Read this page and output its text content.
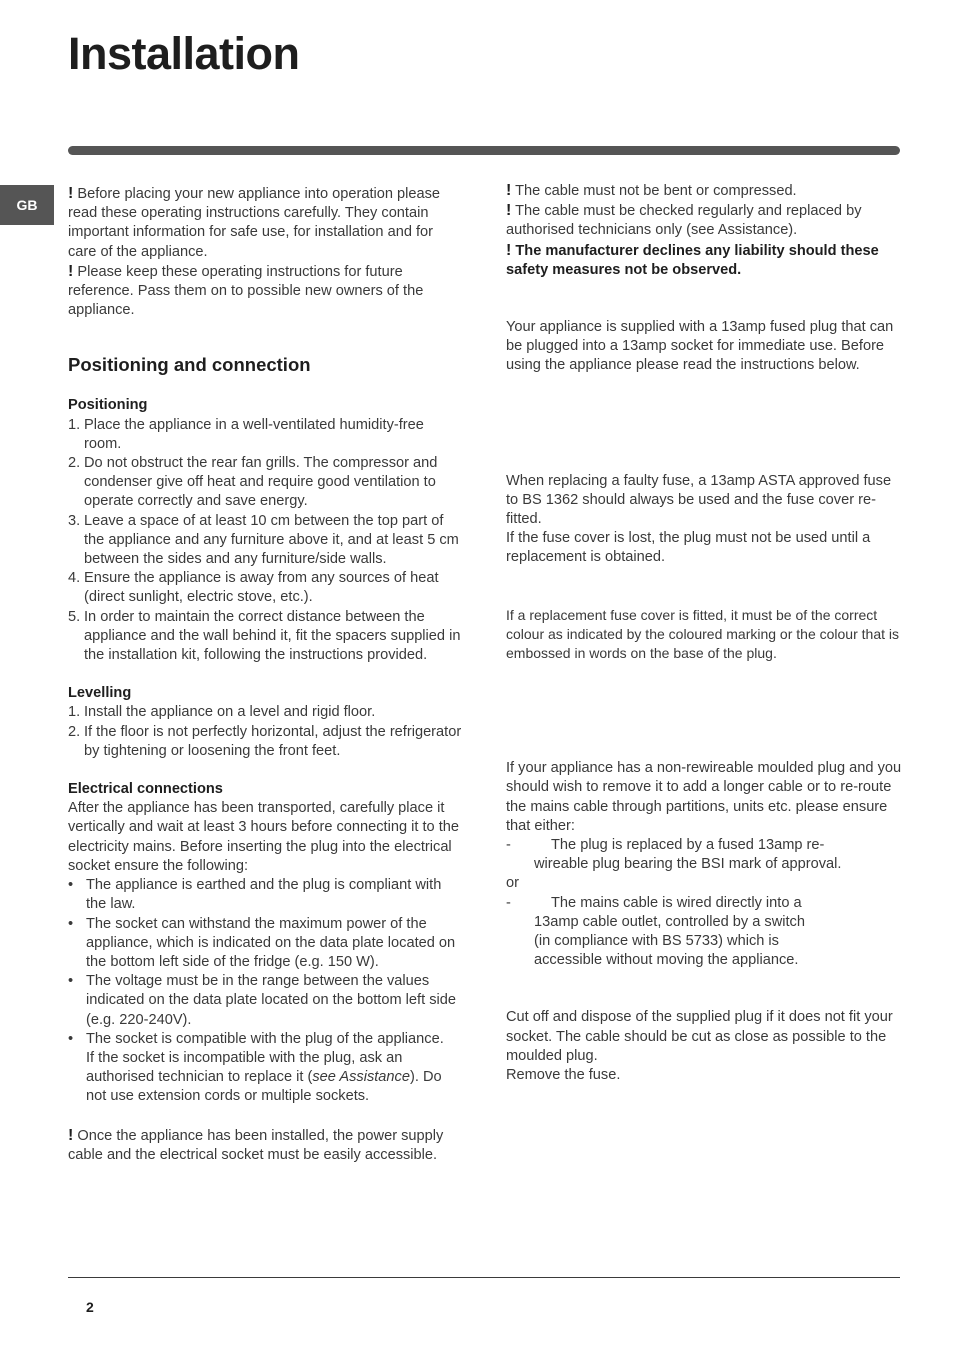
Installation
GB

! Before placing your new appliance into operation please read these operating instructions carefully. They contain important information for safe use, for installation and for care of the appliance.

! Please keep these operating instructions for future reference. Pass them on to possible new owners of the appliance.

Positioning and connection
Positioning
1. Place the appliance in a well-ventilated humidity-free room.
2. Do not obstruct the rear fan grills. The compressor and condenser give off heat and require good ventilation to operate correctly and save energy.
3. Leave a space of at least 10 cm between the top part of the appliance and any furniture above it, and at least 5 cm between the sides and any furniture/side walls.
4. Ensure the appliance is away from any sources of heat (direct sunlight, electric stove, etc.).
5. In order to maintain the correct distance between the appliance and the wall behind it, fit the spacers supplied in the installation kit, following the instructions provided.
Levelling
1. Install the appliance on a level and rigid floor.
2. If the floor is not perfectly horizontal, adjust the refrigerator by tightening or loosening the front feet.
Electrical connections

After the appliance has been transported, carefully place it vertically and wait at least 3 hours before connecting it to the electricity mains. Before inserting the plug into the electrical socket ensure the following:

• The appliance is earthed and the plug is compliant with the law.
• The socket can withstand the maximum power of the appliance, which is indicated on the data plate located on the bottom left side of the fridge (e.g. 150 W).
• The voltage must be in the range between the values indicated on the data plate located on the bottom left side (e.g. 220-240V).
• The socket is compatible with the plug of the appliance.
If the socket is incompatible with the plug, ask an authorised technician to replace it (see Assistance). Do not use extension cords or multiple sockets.

! Once the appliance has been installed, the power supply cable and the electrical socket must be easily accessible.

! The cable must not be bent or compressed.

! The cable must be checked regularly and replaced by authorised technicians only (see Assistance).

! The manufacturer declines any liability should these safety measures not be observed.

Your appliance is supplied with a 13amp fused plug that can be plugged into a 13amp socket for immediate use. Before using the appliance please read the instructions below.

When replacing a faulty fuse, a 13amp ASTA approved fuse to BS 1362 should always be used and the fuse cover re-fitted.

If the fuse cover is lost, the plug must not be used until a replacement is obtained.

If a replacement fuse cover is fitted, it must be of the correct colour as indicated by the coloured marking or the colour that is embossed in words on the base of the plug.

If your appliance has a non-rewireable moulded plug and you should wish to remove it to add a longer cable or to re-route the mains cable through partitions, units etc. please ensure that either:

-	The plug is replaced by a fused 13amp re-
wireable plug bearing the BSI mark of approval.

or

-	The mains cable is wired directly into a
13amp cable outlet, controlled by a switch (in compliance with BS 5733) which is accessible without moving the appliance.

Cut off and dispose of the supplied plug if it does not fit your socket. The cable should be cut as close as possible to the moulded plug.

Remove the fuse.

2
